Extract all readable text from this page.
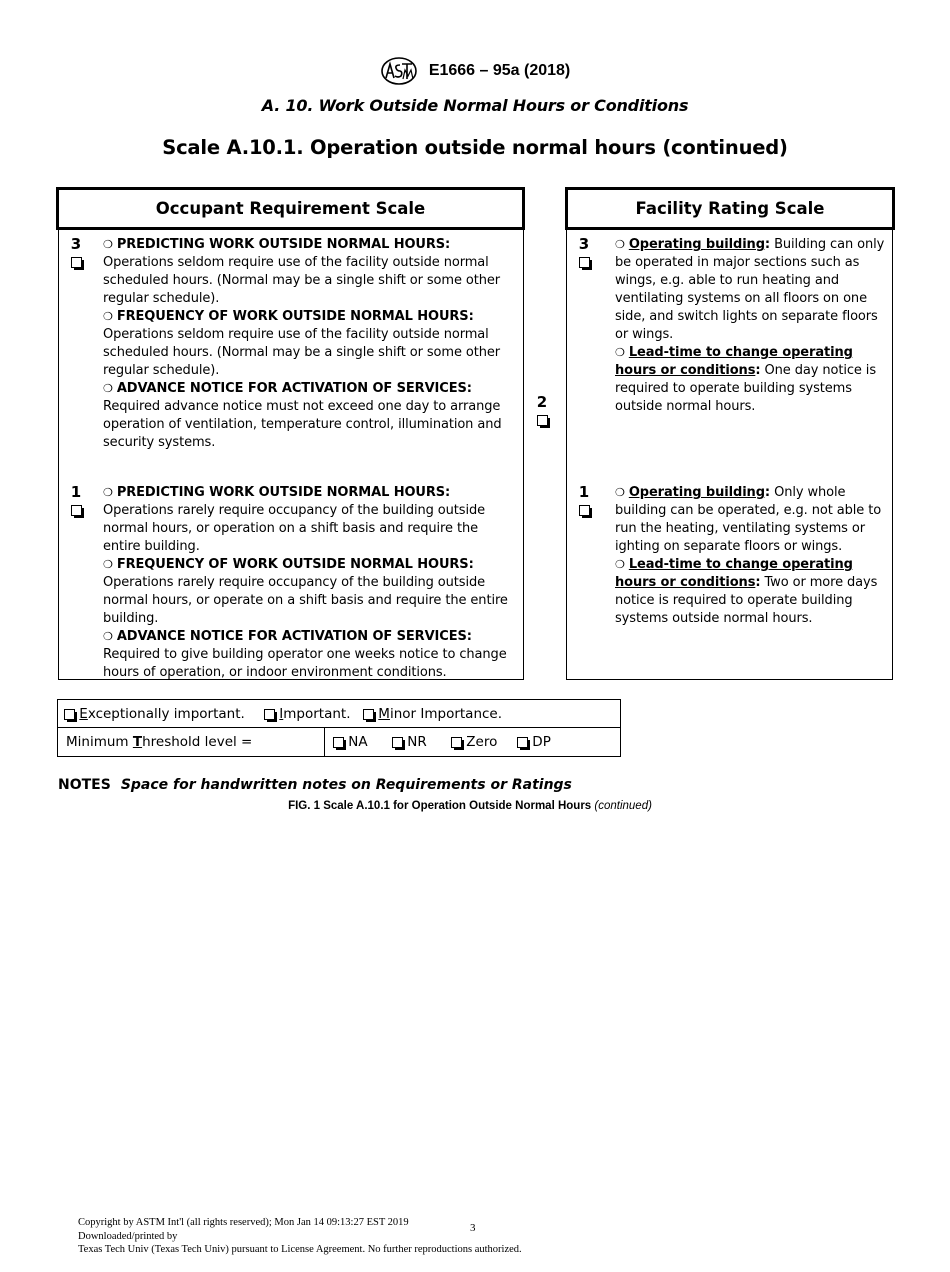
E1666 – 95a (2018)
A. 10. Work Outside Normal Hours or Conditions
Scale A.10.1. Operation outside normal hours (continued)
Occupant Requirement Scale
3	❍ PREDICTING WORK OUTSIDE NORMAL HOURS: Operations seldom require use of the facility outside normal scheduled hours. (Normal may be a single shift or some other regular schedule).

❍ FREQUENCY OF WORK OUTSIDE NORMAL HOURS: Operations seldom require use of the facility outside normal scheduled hours. (Normal may be a single shift or some other regular schedule).

❍ ADVANCE NOTICE FOR ACTIVATION OF SERVICES: Required advance notice must not exceed one day to arrange operation of ventilation, temperature control, illumination and security systems.

1	❍ PREDICTING WORK OUTSIDE NORMAL HOURS: Operations rarely require occupancy of the building outside normal hours, or operation on a shift basis and require the entire building.

❍ FREQUENCY OF WORK OUTSIDE NORMAL HOURS: Operations rarely require occupancy of the building outside normal hours, or operate on a shift basis and require the entire building.

❍ ADVANCE NOTICE FOR ACTIVATION OF SERVICES: Required to give building operator one weeks notice to change hours of operation, or indoor environment conditions.

2
Facility Rating Scale
3	❍ Operating building: Building can only be operated in major sections such as wings, e.g. able to run heating and ventilating systems on all floors on one side, and switch lights on separate floors or wings.

❍ Lead-time to change operating hours or conditions: One day notice is required to operate building systems outside normal hours.

1	❍ Operating building: Only whole building can be operated, e.g. not able to run the heating, ventilating systems or ighting on separate floors or wings.

❍ Lead-time to change operating hours or conditions: Two or more days notice is required to operate building systems outside normal hours.

Exceptionally important.	Important.	Minor Importance.
Minimum Threshold level =	NA	NR	Zero	DP
NOTES Space for handwritten notes on Requirements or Ratings
FIG. 1 Scale A.10.1 for Operation Outside Normal Hours (continued)
Copyright by ASTM Int'l (all rights reserved); Mon Jan 14 09:13:27 EST 2019
Downloaded/printed by
Texas Tech Univ (Texas Tech Univ) pursuant to License Agreement. No further reproductions authorized.
3
